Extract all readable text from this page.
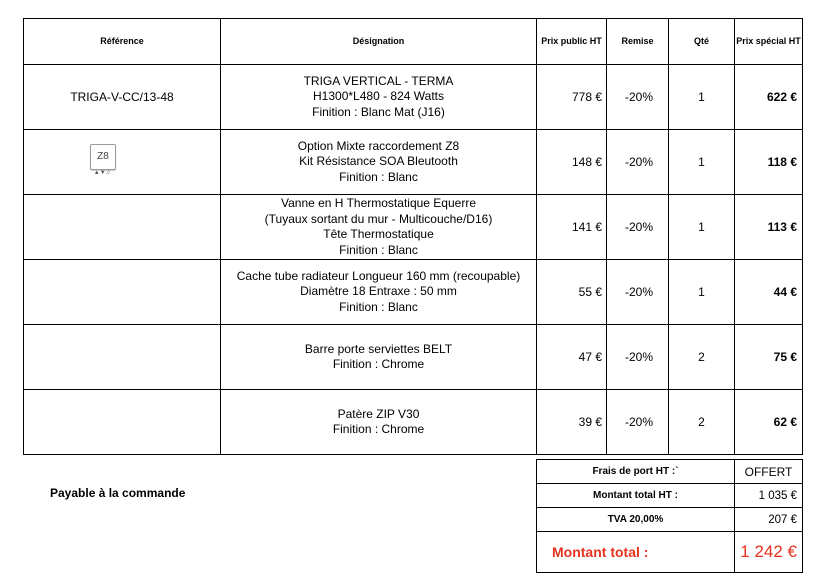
Référence	Désignation	Prix public HT	Remise	Qté	Prix spécial HT
TRIGA-V-CC/13-48	TRIGA VERTICAL - TERMA
H1300*L480 - 824 Watts
Finition : Blanc Mat (J16)	778 €	-20%	1	622 €

Z8
▲▼♫	Option Mixte raccordement Z8
Kit Résistance SOA Bleutooth
Finition : Blanc	148 €	-20%	1	118 €

	Vanne en H Thermostatique Equerre
(Tuyaux sortant du mur - Multicouche/D16)
Tête Thermostatique
Finition : Blanc	141 €	-20%	1	113 €

	Cache tube radiateur Longueur 160 mm (recoupable)
Diamètre 18 Entraxe : 50 mm
Finition : Blanc	55 €	-20%	1	44 €

	Barre porte serviettes BELT
Finition : Chrome	47 €	-20%	2	75 €

	Patère ZIP V30
Finition : Chrome	39 €	-20%	2	62 €
Payable à la commande
Frais de port HT :`	OFFERT
Montant total HT :	1 035 €
TVA 20,00%	207 €
Montant total :	1 242 €
